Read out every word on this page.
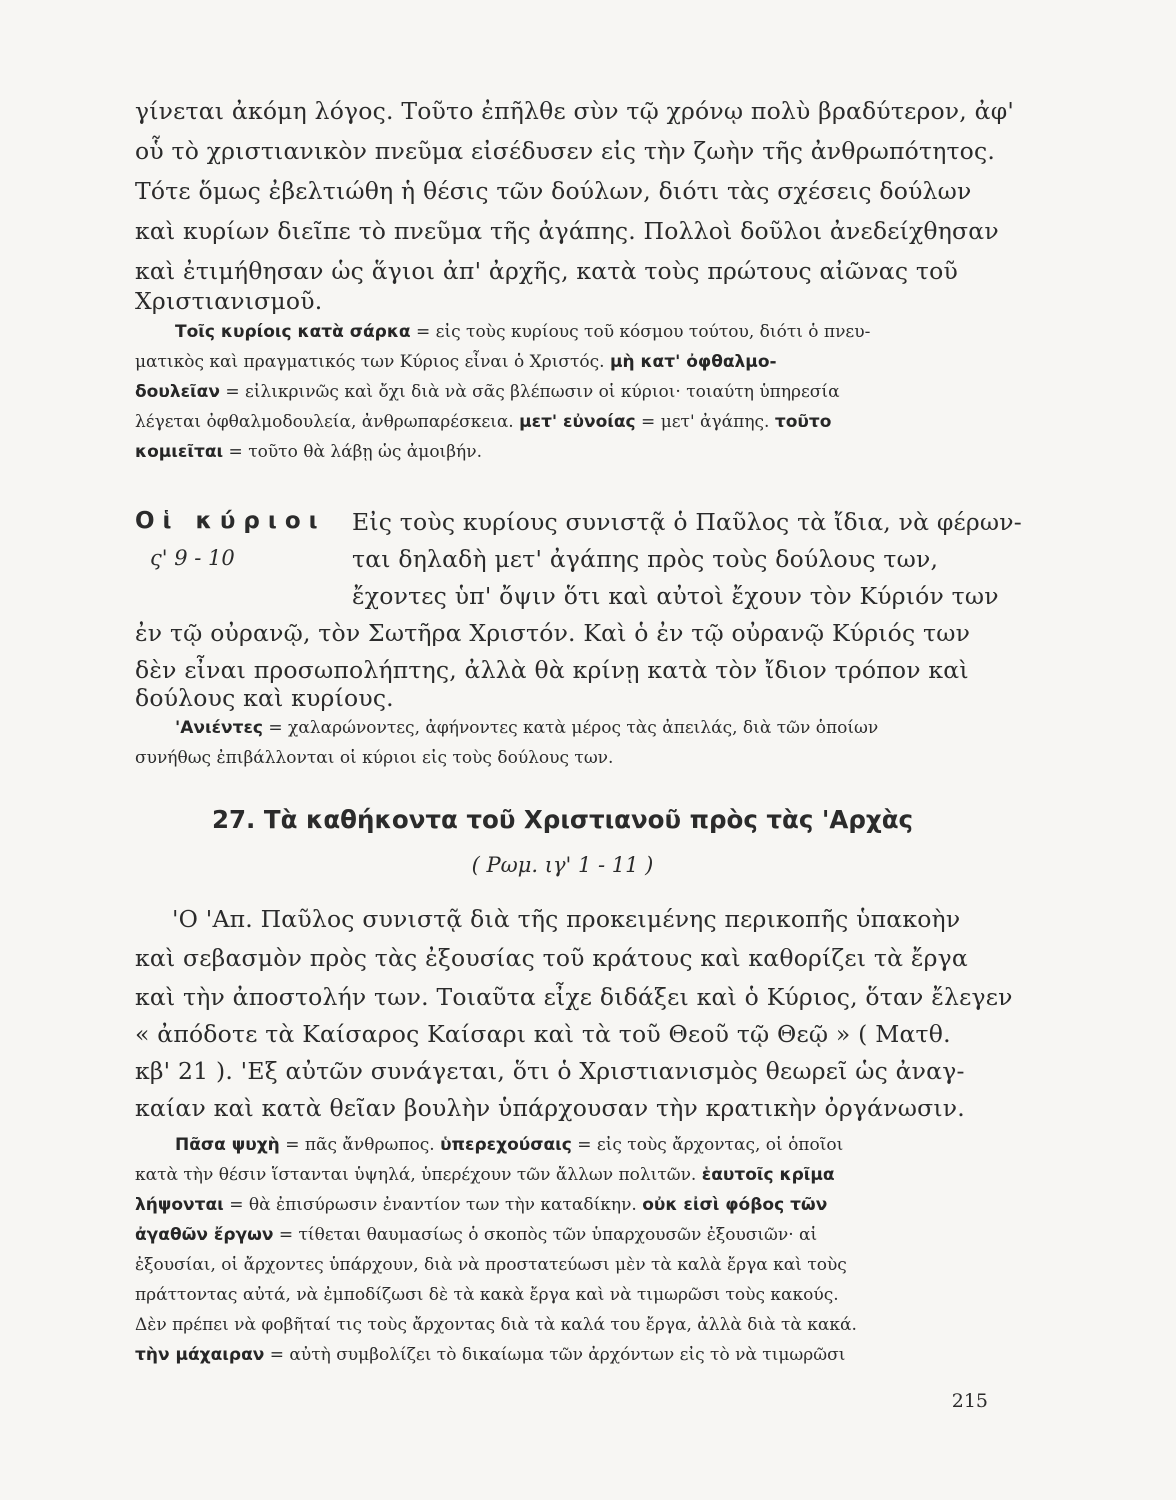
γίνεται ἀκόμη λόγος. Τοῦτο ἐπῆλθε σὺν τῷ χρόνῳ πολὺ βραδύτερον, ἀφ'
οὗ τὸ χριστιανικὸν πνεῦμα εἰσέδυσεν εἰς τὴν ζωὴν τῆς ἀνθρωπότητος.
Τότε ὅμως ἐβελτιώθη ἡ θέσις τῶν δούλων, διότι τὰς σχέσεις δούλων
καὶ κυρίων διεῖπε τὸ πνεῦμα τῆς ἀγάπης. Πολλοὶ δοῦλοι ἀνεδείχθησαν
καὶ ἐτιμήθησαν ὡς ἅγιοι ἀπ' ἀρχῆς, κατὰ τοὺς πρώτους αἰῶνας τοῦ
Χριστιανισμοῦ.
Τοῖς κυρίοις κατὰ σάρκα = εἰς τοὺς κυρίους τοῦ κόσμου τούτου, διότι ὁ πνευ-
ματικὸς καὶ πραγματικός των Κύριος εἶναι ὁ Χριστός. μὴ κατ' ὀφθαλμο-
δουλεῖαν = εἰλικρινῶς καὶ ὄχι διὰ νὰ σᾶς βλέπωσιν οἱ κύριοι· τοιαύτη ὑπηρεσία
λέγεται ὀφθαλμοδουλεία, ἀνθρωπαρέσκεια. μετ' εὐνοίας = μετ' ἀγάπης. τοῦτο
κομιεῖται = τοῦτο θὰ λάβῃ ὡς ἀμοιβήν.
Οἱ κύριοι
ς' 9 - 10
Εἰς τοὺς κυρίους συνιστᾷ ὁ Παῦλος τὰ ἴδια, νὰ φέρων-
ται δηλαδὴ μετ' ἀγάπης πρὸς τοὺς δούλους των,
ἔχοντες ὑπ' ὄψιν ὅτι καὶ αὐτοὶ ἔχουν τὸν Κύριόν των
ἐν τῷ οὐρανῷ, τὸν Σωτῆρα Χριστόν. Καὶ ὁ ἐν τῷ οὐρανῷ Κύριός των
δὲν εἶναι προσωπολήπτης, ἀλλὰ θὰ κρίνῃ κατὰ τὸν ἴδιον τρόπον καὶ
δούλους καὶ κυρίους.
'Ανιέντες = χαλαρώνοντες, ἀφήνοντες κατὰ μέρος τὰς ἀπειλάς, διὰ τῶν ὁποίων
συνήθως ἐπιβάλλονται οἱ κύριοι εἰς τοὺς δούλους των.
27. Τὰ καθήκοντα τοῦ Χριστιανοῦ πρὸς τὰς 'Αρχὰς
( Ρωμ. ιγ' 1 - 11 )
'Ο 'Απ. Παῦλος συνιστᾷ διὰ τῆς προκειμένης περικοπῆς ὑπακοὴν
καὶ σεβασμὸν πρὸς τὰς ἐξουσίας τοῦ κράτους καὶ καθορίζει τὰ ἔργα
καὶ τὴν ἀποστολήν των. Τοιαῦτα εἶχε διδάξει καὶ ὁ Κύριος, ὅταν ἔλεγεν
« ἀπόδοτε τὰ Καίσαρος Καίσαρι καὶ τὰ τοῦ Θεοῦ τῷ Θεῷ » ( Ματθ.
κβ' 21 ). 'Εξ αὐτῶν συνάγεται, ὅτι ὁ Χριστιανισμὸς θεωρεῖ ὡς ἀναγ-
καίαν καὶ κατὰ θεῖαν βουλὴν ὑπάρχουσαν τὴν κρατικὴν ὀργάνωσιν.
Πᾶσα ψυχὴ = πᾶς ἄνθρωπος. ὑπερεχούσαις = εἰς τοὺς ἄρχοντας, οἱ ὁποῖοι
κατὰ τὴν θέσιν ἵστανται ὑψηλά, ὑπερέχουν τῶν ἄλλων πολιτῶν. ἑαυτοῖς κρῖμα
λήψονται = θὰ ἐπισύρωσιν ἐναντίον των τὴν καταδίκην. οὐκ εἰσὶ φόβος τῶν
ἀγαθῶν ἔργων = τίθεται θαυμασίως ὁ σκοπὸς τῶν ὑπαρχουσῶν ἐξουσιῶν· αἱ
ἐξουσίαι, οἱ ἄρχοντες ὑπάρχουν, διὰ νὰ προστατεύωσι μὲν τὰ καλὰ ἔργα καὶ τοὺς
πράττοντας αὐτά, νὰ ἐμποδίζωσι δὲ τὰ κακὰ ἔργα καὶ νὰ τιμωρῶσι τοὺς κακούς.
Δὲν πρέπει νὰ φοβῆταί τις τοὺς ἄρχοντας διὰ τὰ καλά του ἔργα, ἀλλὰ διὰ τὰ κακά.
τὴν μάχαιραν = αὐτὴ συμβολίζει τὸ δικαίωμα τῶν ἀρχόντων εἰς τὸ νὰ τιμωρῶσι
215
